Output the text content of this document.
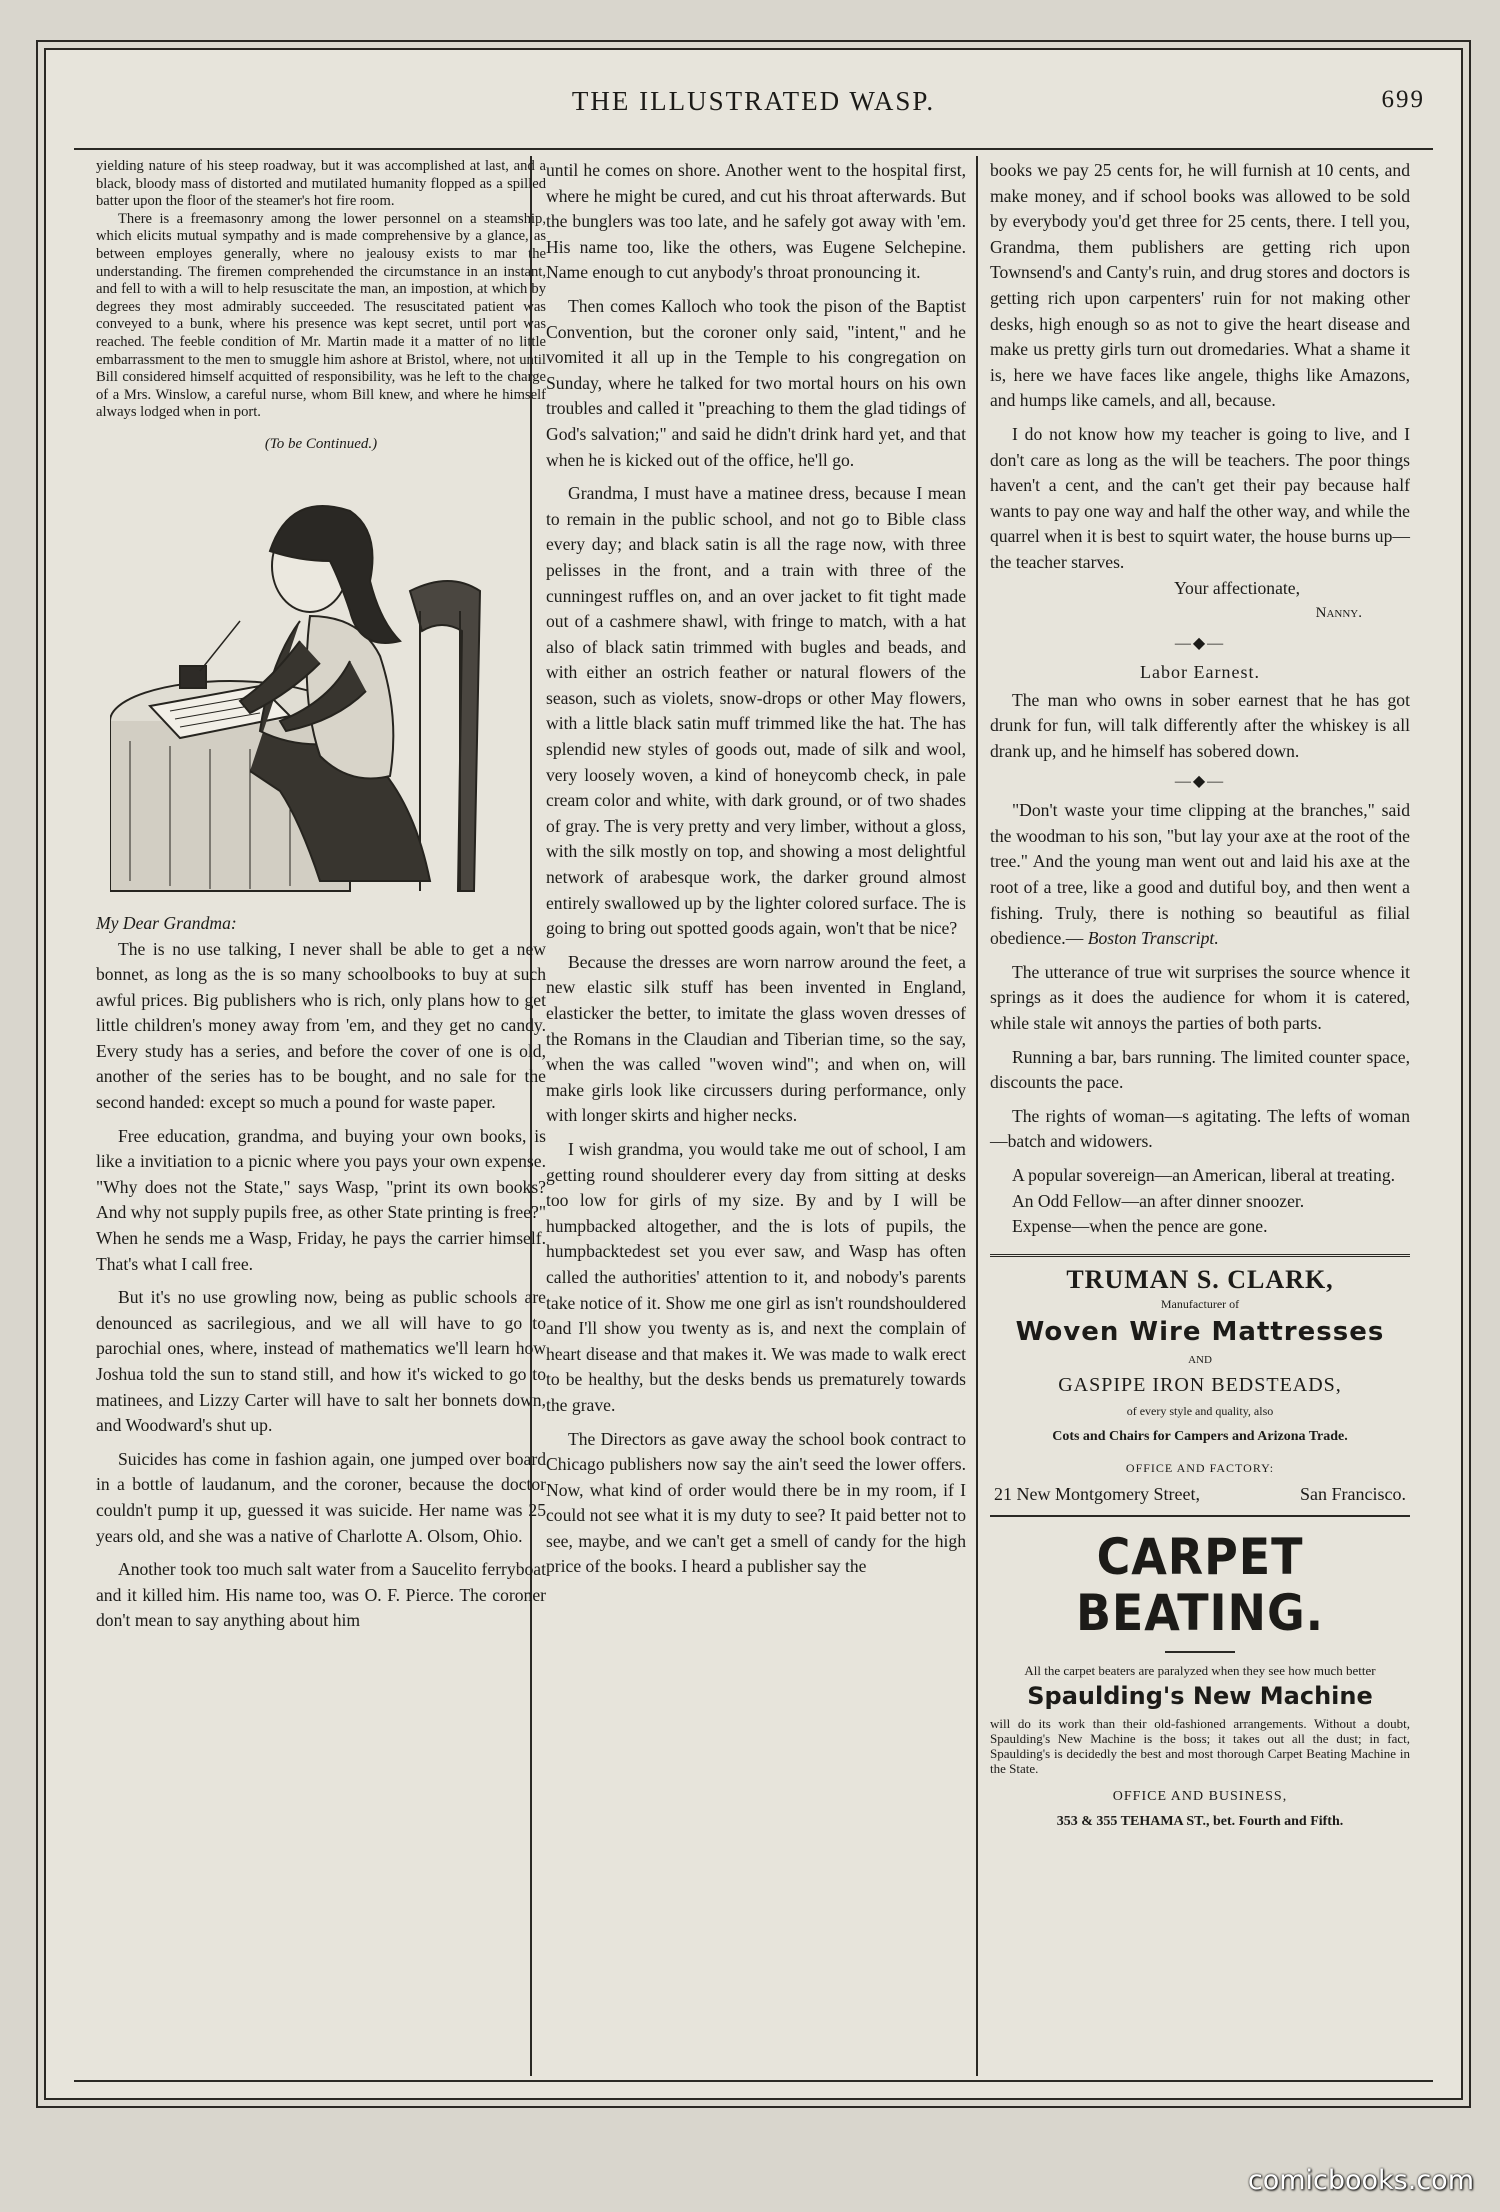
THE ILLUSTRATED WASP.	699

yielding nature of his steep roadway, but it was accomplished at last, and a black, bloody mass of distorted and mutilated humanity flopped as a spilled batter upon the floor of the steamer's hot fire room.

There is a freemasonry among the lower personnel on a steamship, which elicits mutual sympathy and is made comprehensive by a glance, as between employes generally, where no jealousy exists to mar the understanding. The firemen comprehended the circumstance in an instant, and fell to with a will to help resuscitate the man, an impostion, at which by degrees they most admirably succeeded. The resuscitated patient was conveyed to a bunk, where his presence was kept secret, until port was reached. The feeble condition of Mr. Martin made it a matter of no little embarrassment to the men to smuggle him ashore at Bristol, where, not until Bill considered himself acquitted of responsibility, was he left to the charge of a Mrs. Winslow, a careful nurse, whom Bill knew, and where he himself always lodged when in port.

(To be Continued.)

My Dear Grandma:

The is no use talking, I never shall be able to get a new bonnet, as long as the is so many schoolbooks to buy at such awful prices. Big publishers who is rich, only plans how to get little children's money away from 'em, and they get no candy. Every study has a series, and before the cover of one is old, another of the series has to be bought, and no sale for the second handed: except so much a pound for waste paper.

Free education, grandma, and buying your own books, is like a invitiation to a picnic where you pays your own expense. "Why does not the State," says Wasp, "print its own books? And why not supply pupils free, as other State printing is free?" When he sends me a Wasp, Friday, he pays the carrier himself. That's what I call free.

But it's no use growling now, being as public schools are denounced as sacrilegious, and we all will have to go to parochial ones, where, instead of mathematics we'll learn how Joshua told the sun to stand still, and how it's wicked to go to matinees, and Lizzy Carter will have to salt her bonnets down, and Woodward's shut up.

Suicides has come in fashion again, one jumped over board in a bottle of laudanum, and the coroner, because the doctor couldn't pump it up, guessed it was suicide. Her name was 25 years old, and she was a native of Charlotte A. Olsom, Ohio.

Another took too much salt water from a Saucelito ferryboat and it killed him. His name too, was O. F. Pierce. The coroner don't mean to say anything about him

until he comes on shore. Another went to the hospital first, where he might be cured, and cut his throat afterwards. But the bunglers was too late, and he safely got away with 'em. His name too, like the others, was Eugene Selchepine. Name enough to cut anybody's throat pronouncing it.

Then comes Kalloch who took the pison of the Baptist Convention, but the coroner only said, "intent," and he vomited it all up in the Temple to his congregation on Sunday, where he talked for two mortal hours on his own troubles and called it "preaching to them the glad tidings of God's salvation;" and said he didn't drink hard yet, and that when he is kicked out of the office, he'll go.

Grandma, I must have a matinee dress, because I mean to remain in the public school, and not go to Bible class every day; and black satin is all the rage now, with three pelisses in the front, and a train with three of the cunningest ruffles on, and an over jacket to fit tight made out of a cashmere shawl, with fringe to match, with a hat also of black satin trimmed with bugles and beads, and with either an ostrich feather or natural flowers of the season, such as violets, snow-drops or other May flowers, with a little black satin muff trimmed like the hat. The has splendid new styles of goods out, made of silk and wool, very loosely woven, a kind of honeycomb check, in pale cream color and white, with dark ground, or of two shades of gray. The is very pretty and very limber, without a gloss, with the silk mostly on top, and showing a most delightful network of arabesque work, the darker ground almost entirely swallowed up by the lighter colored surface. The is going to bring out spotted goods again, won't that be nice?

Because the dresses are worn narrow around the feet, a new elastic silk stuff has been invented in England, elasticker the better, to imitate the glass woven dresses of the Romans in the Claudian and Tiberian time, so the say, when the was called "woven wind"; and when on, will make girls look like circussers during performance, only with longer skirts and higher necks.

I wish grandma, you would take me out of school, I am getting round shoulderer every day from sitting at desks too low for girls of my size. By and by I will be humpbacked altogether, and the is lots of pupils, the humpbacktedest set you ever saw, and Wasp has often called the authorities' attention to it, and nobody's parents take notice of it. Show me one girl as isn't roundshouldered and I'll show you twenty as is, and next the complain of heart disease and that makes it. We was made to walk erect to be healthy, but the desks bends us prematurely towards the grave.

The Directors as gave away the school book contract to Chicago publishers now say the ain't seed the lower offers. Now, what kind of order would there be in my room, if I could not see what it is my duty to see? It paid better not to see, maybe, and we can't get a smell of candy for the high price of the books. I heard a publisher say the

books we pay 25 cents for, he will furnish at 10 cents, and make money, and if school books was allowed to be sold by everybody you'd get three for 25 cents, there. I tell you, Grandma, them publishers are getting rich upon Townsend's and Canty's ruin, and drug stores and doctors is getting rich upon carpenters' ruin for not making other desks, high enough so as not to give the heart disease and make us pretty girls turn out dromedaries. What a shame it is, here we have faces like angele, thighs like Amazons, and humps like camels, and all, because.

I do not know how my teacher is going to live, and I don't care as long as the will be teachers. The poor things haven't a cent, and the can't get their pay because half wants to pay one way and half the other way, and while the quarrel when it is best to squirt water, the house burns up—the teacher starves.

Your affectionate,

Nanny.

—◆—

Labor Earnest.

The man who owns in sober earnest that he has got drunk for fun, will talk differently after the whiskey is all drank up, and he himself has sobered down.

—◆—

"Don't waste your time clipping at the branches," said the woodman to his son, "but lay your axe at the root of the tree." And the young man went out and laid his axe at the root of a tree, like a good and dutiful boy, and then went a fishing. Truly, there is nothing so beautiful as filial obedience.— Boston Transcript.

The utterance of true wit surprises the source whence it springs as it does the audience for whom it is catered, while stale wit annoys the parties of both parts.

Running a bar, bars running. The limited counter space, discounts the pace.

The rights of woman—s agitating. The lefts of woman—batch and widowers.

A popular sovereign—an American, liberal at treating.

An Odd Fellow—an after dinner snoozer.

Expense—when the pence are gone.

TRUMAN S. CLARK,
Manufacturer of
Woven Wire Mattresses
AND
GASPIPE IRON BEDSTEADS,
of every style and quality, also
Cots and Chairs for Campers and Arizona Trade.
OFFICE AND FACTORY:
21 New Montgomery Street,	San Francisco.
CARPET BEATING.
All the carpet beaters are paralyzed when they see how much better
Spaulding's New Machine
will do its work than their old-fashioned arrangements. Without a doubt, Spaulding's New Machine is the boss; it takes out all the dust; in fact, Spaulding's is decidedly the best and most thorough Carpet Beating Machine in the State.
OFFICE AND BUSINESS,
353 & 355 TEHAMA ST., bet. Fourth and Fifth.
comicbooks.com
